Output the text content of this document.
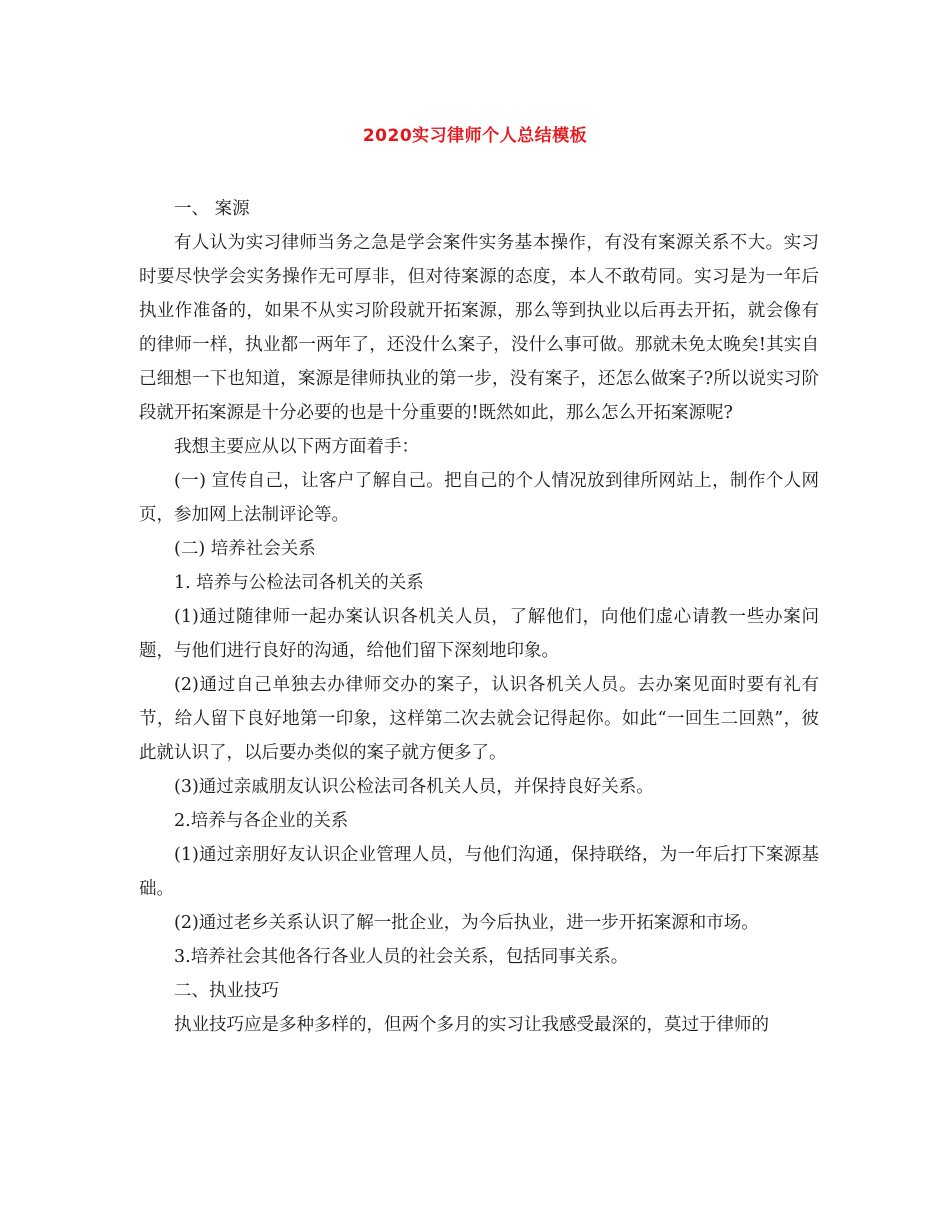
2020实习律师个人总结模板

一、 案源

有人认为实习律师当务之急是学会案件实务基本操作，有没有案源关系不大。实习时要尽快学会实务操作无可厚非，但对待案源的态度，本人不敢苟同。实习是为一年后执业作准备的，如果不从实习阶段就开拓案源，那么等到执业以后再去开拓，就会像有的律师一样，执业都一两年了，还没什么案子，没什么事可做。那就未免太晚矣!其实自己细想一下也知道，案源是律师执业的第一步，没有案子，还怎么做案子?所以说实习阶段就开拓案源是十分必要的也是十分重要的!既然如此，那么怎么开拓案源呢?

我想主要应从以下两方面着手：

(一) 宣传自己，让客户了解自己。把自己的个人情况放到律所网站上，制作个人网页，参加网上法制评论等。

(二) 培养社会关系

1. 培养与公检法司各机关的关系

(1)通过随律师一起办案认识各机关人员，了解他们，向他们虚心请教一些办案问题，与他们进行良好的沟通，给他们留下深刻地印象。

(2)通过自己单独去办律师交办的案子，认识各机关人员。去办案见面时要有礼有节，给人留下良好地第一印象，这样第二次去就会记得起你。如此“一回生二回熟”，彼此就认识了，以后要办类似的案子就方便多了。

(3)通过亲戚朋友认识公检法司各机关人员，并保持良好关系。

2.培养与各企业的关系

(1)通过亲朋好友认识企业管理人员，与他们沟通，保持联络，为一年后打下案源基础。

(2)通过老乡关系认识了解一批企业，为今后执业，进一步开拓案源和市场。

3.培养社会其他各行各业人员的社会关系，包括同事关系。

二、执业技巧

执业技巧应是多种多样的，但两个多月的实习让我感受最深的，莫过于律师的
